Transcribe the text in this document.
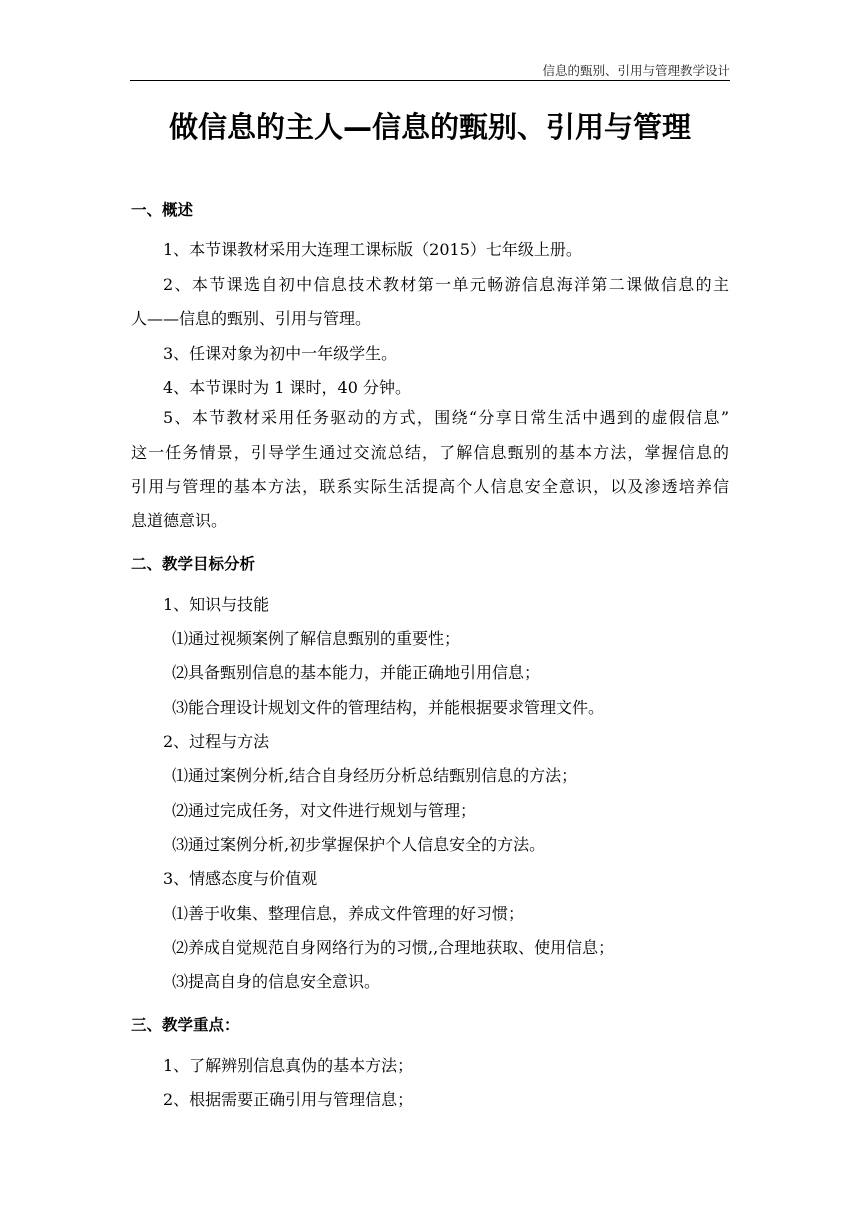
信息的甄别、引用与管理教学设计
做信息的主人—信息的甄别、引用与管理

一、概述

1、本节课教材采用大连理工课标版（2015）七年级上册。

2、本节课选自初中信息技术教材第一单元畅游信息海洋第二课做信息的主

人——信息的甄别、引用与管理。

3、任课对象为初中一年级学生。

4、本节课时为 1 课时，40 分钟。

5、本节教材采用任务驱动的方式，围绕“分享日常生活中遇到的虚假信息”

这一任务情景，引导学生通过交流总结，了解信息甄别的基本方法，掌握信息的

引用与管理的基本方法，联系实际生活提高个人信息安全意识，以及渗透培养信

息道德意识。

二、教学目标分析

1、知识与技能

⑴通过视频案例了解信息甄别的重要性；

⑵具备甄别信息的基本能力，并能正确地引用信息；

⑶能合理设计规划文件的管理结构，并能根据要求管理文件。

2、过程与方法

⑴通过案例分析,结合自身经历分析总结甄别信息的方法；

⑵通过完成任务，对文件进行规划与管理；

⑶通过案例分析,初步掌握保护个人信息安全的方法。

3、情感态度与价值观

⑴善于收集、整理信息，养成文件管理的好习惯；

⑵养成自觉规范自身网络行为的习惯,,合理地获取、使用信息；

⑶提高自身的信息安全意识。

三、教学重点：

1、了解辨别信息真伪的基本方法；

2、根据需要正确引用与管理信息；
